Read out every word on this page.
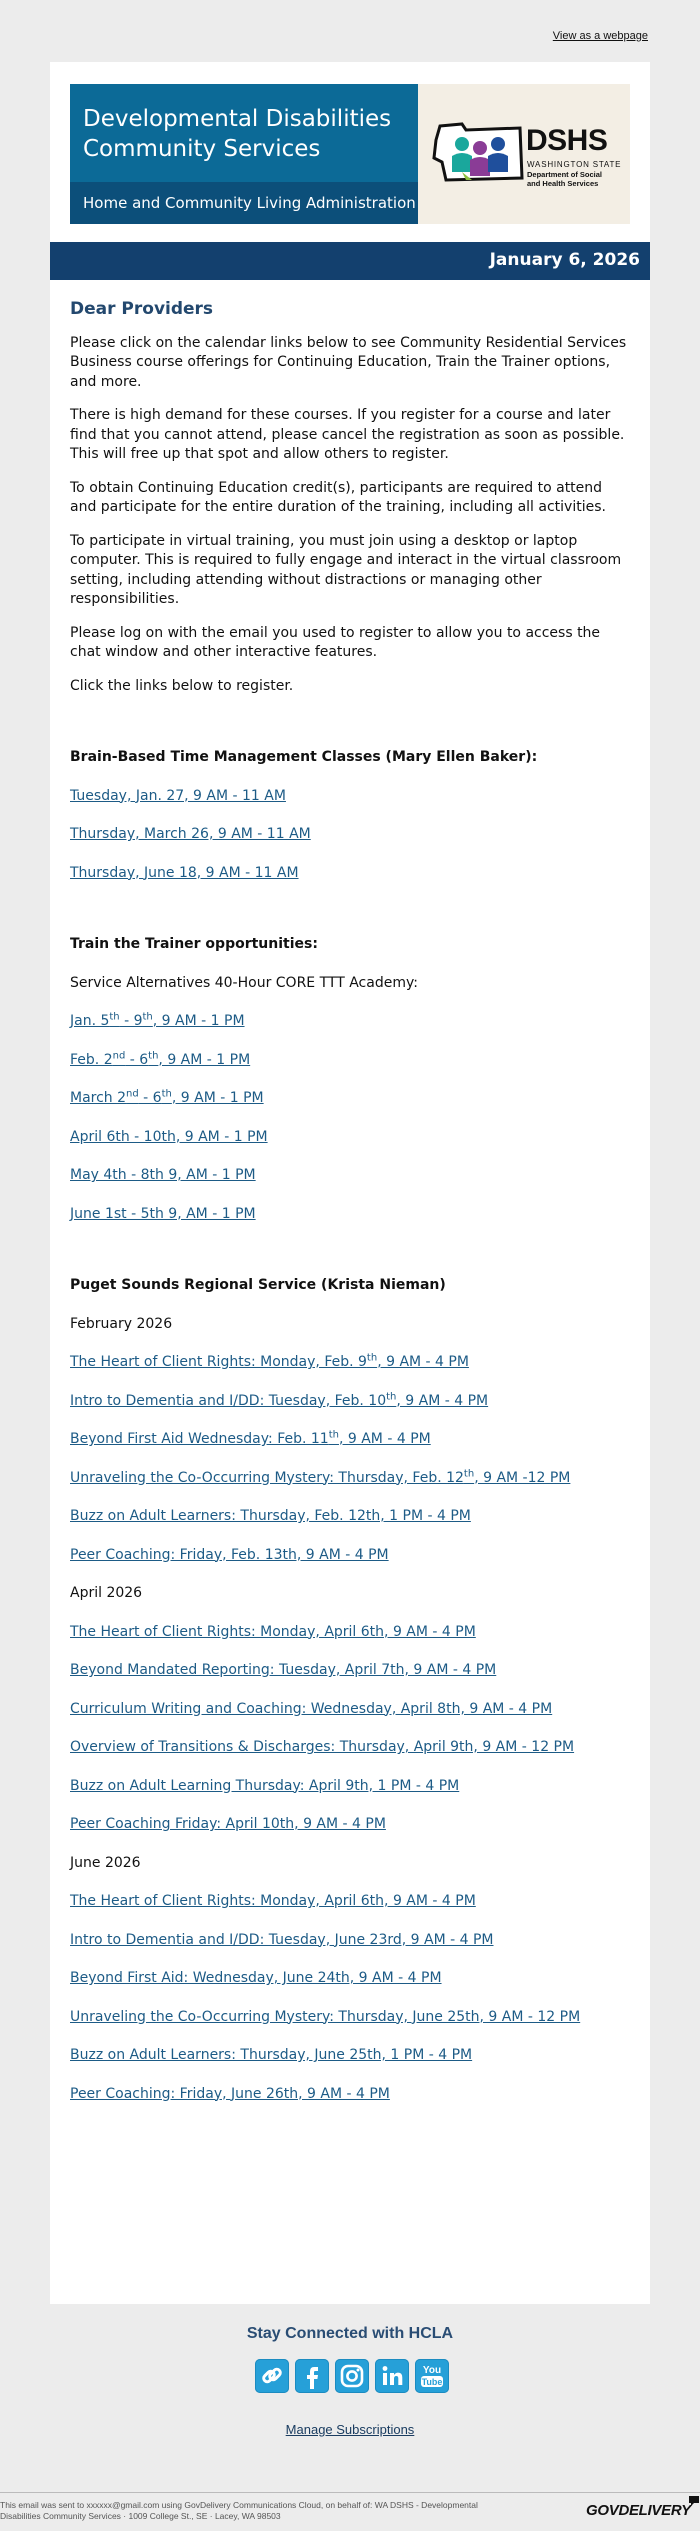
View as a webpage
Developmental Disabilities
Community Services
Home and Community Living Administration
DSHS
WASHINGTON STATE
Department of Social
and Health Services
January 6, 2026
Dear Providers

Please click on the calendar links below to see Community Residential Services Business course offerings for Continuing Education, Train the Trainer options, and more.

There is high demand for these courses. If you register for a course and later find that you cannot attend, please cancel the registration as soon as possible. This will free up that spot and allow others to register.

To obtain Continuing Education credit(s), participants are required to attend and participate for the entire duration of the training, including all activities.

To participate in virtual training, you must join using a desktop or laptop computer. This is required to fully engage and interact in the virtual classroom setting, including attending without distractions or managing other responsibilities.

Please log on with the email you used to register to allow you to access the chat window and other interactive features.

Click the links below to register.

Brain-Based Time Management Classes (Mary Ellen Baker):
Tuesday, Jan. 27, 9 AM - 11 AM
Thursday, March 26, 9 AM - 11 AM
Thursday, June 18, 9 AM - 11 AM
Train the Trainer opportunities:
Service Alternatives 40-Hour CORE TTT Academy:
Jan. 5th - 9th, 9 AM - 1 PM
Feb. 2nd - 6th, 9 AM - 1 PM
March 2nd - 6th, 9 AM - 1 PM
April 6th - 10th, 9 AM - 1 PM
May 4th - 8th 9, AM - 1 PM
June 1st - 5th 9, AM - 1 PM
Puget Sounds Regional Service (Krista Nieman)
February 2026
The Heart of Client Rights: Monday, Feb. 9th, 9 AM - 4 PM
Intro to Dementia and I/DD: Tuesday, Feb. 10th, 9 AM - 4 PM
Beyond First Aid Wednesday: Feb. 11th, 9 AM - 4 PM
Unraveling the Co-Occurring Mystery: Thursday, Feb. 12th, 9 AM -12 PM
Buzz on Adult Learners: Thursday, Feb. 12th, 1 PM - 4 PM
Peer Coaching: Friday, Feb. 13th, 9 AM - 4 PM
April 2026
The Heart of Client Rights: Monday, April 6th, 9 AM - 4 PM
Beyond Mandated Reporting: Tuesday, April 7th, 9 AM - 4 PM
Curriculum Writing and Coaching: Wednesday, April 8th, 9 AM - 4 PM
Overview of Transitions & Discharges: Thursday, April 9th, 9 AM - 12 PM
Buzz on Adult Learning Thursday: April 9th, 1 PM - 4 PM
Peer Coaching Friday: April 10th, 9 AM - 4 PM
June 2026
The Heart of Client Rights: Monday, April 6th, 9 AM - 4 PM
Intro to Dementia and I/DD: Tuesday, June 23rd, 9 AM - 4 PM
Beyond First Aid: Wednesday, June 24th, 9 AM - 4 PM
Unraveling the Co-Occurring Mystery: Thursday, June 25th, 9 AM - 12 PM
Buzz on Adult Learners: Thursday, June 25th, 1 PM - 4 PM
Peer Coaching: Friday, June 26th, 9 AM - 4 PM
Stay Connected with HCLA
You
Tube
Manage Subscriptions
This email was sent to xxxxxx@gmail.com using GovDelivery Communications Cloud, on behalf of: WA DSHS - Developmental
Disabilities Community Services · 1009 College St., SE · Lacey, WA 98503	GOVDELIVERY
